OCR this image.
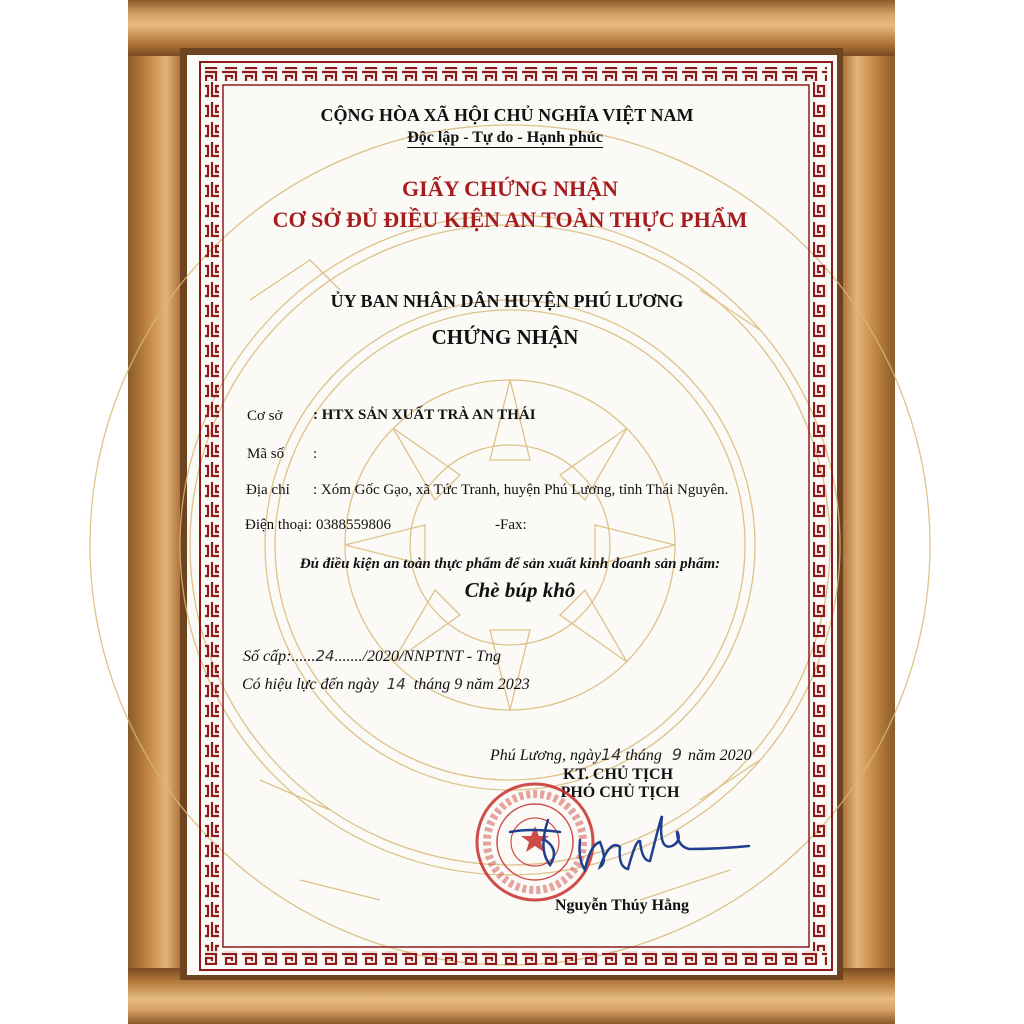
CỘNG HÒA XÃ HỘI CHỦ NGHĨA VIỆT NAM
Độc lập - Tự do - Hạnh phúc
GIẤY CHỨNG NHẬN
CƠ SỞ ĐỦ ĐIỀU KIỆN AN TOÀN THỰC PHẨM
ỦY BAN NHÂN DÂN HUYỆN PHÚ LƯƠNG
CHỨNG NHẬN
Cơ sở : HTX SẢN XUẤT TRÀ AN THÁI
Mã số :
Địa chỉ : Xóm Gốc Gạo, xã Tức Tranh, huyện Phú Lương, tỉnh Thái Nguyên.
Điện thoại: 0388559806	-Fax:
Đủ điều kiện an toàn thực phẩm để sản xuất kinh doanh sản phẩm:
Chè búp khô
Số cấp:......24......./2020/NNPTNT - Tng
Có hiệu lực đến ngày 14 tháng 9 năm 2023
Phú Lương, ngày14 tháng 9 năm 2020
KT. CHỦ TỊCH
PHÓ CHỦ TỊCH
Nguyễn Thúy Hằng
